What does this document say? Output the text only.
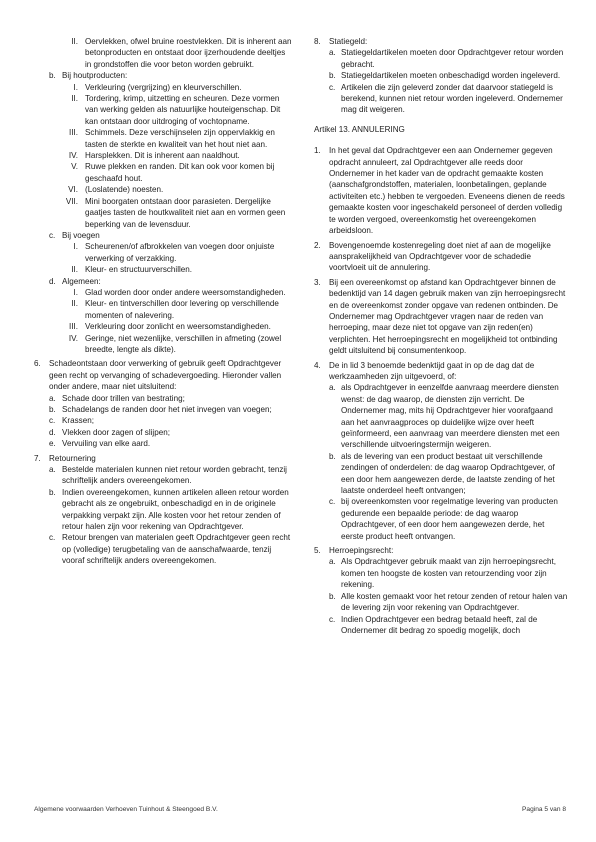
II. Oervlekken, ofwel bruine roestvlekken. Dit is inherent aan betonproducten en ontstaat door ijzerhoudende deeltjes in grondstoffen die voor beton worden gebruikt.
b. Bij houtproducten:
I. Verkleuring (vergrijzing) en kleurverschillen.
II. Tordering, krimp, uitzetting en scheuren. Deze vormen van werking gelden als natuurlijke houteigenschap. Dit kan ontstaan door uitdroging of vochtopname.
III. Schimmels. Deze verschijnselen zijn oppervlakkig en tasten de sterkte en kwaliteit van het hout niet aan.
IV. Harsplekken. Dit is inherent aan naaldhout.
V. Ruwe plekken en randen. Dit kan ook voor komen bij geschaafd hout.
VI. (Loslatende) noesten.
VII. Mini boorgaten ontstaan door parasieten. Dergelijke gaatjes tasten de houtkwaliteit niet aan en vormen geen beperking van de levensduur.
c. Bij voegen
I. Scheurenen/of afbrokkelen van voegen door onjuiste verwerking of verzakking.
II. Kleur- en structuurverschillen.
d. Algemeen:
I. Glad worden door onder andere weersomstandigheden.
II. Kleur- en tintverschillen door levering op verschillende momenten of nalevering.
III. Verkleuring door zonlicht en weersomstandigheden.
IV. Geringe, niet wezenlijke, verschillen in afmeting (zowel breedte, lengte als dikte).
6. Schadeontstaan door verwerking of gebruik geeft Opdrachtgever geen recht op vervanging of schadevergoeding. Hieronder vallen onder andere, maar niet uitsluitend:
a. Schade door trillen van bestrating;
b. Schadelangs de randen door het niet invegen van voegen;
c. Krassen;
d. Vlekken door zagen of slijpen;
e. Vervuiling van elke aard.
7. Retournering
a. Bestelde materialen kunnen niet retour worden gebracht, tenzij schriftelijk anders overeengekomen.
b. Indien overeengekomen, kunnen artikelen alleen retour worden gebracht als ze ongebruikt, onbeschadigd en in de originele verpakking verpakt zijn. Alle kosten voor het retour zenden of retour halen zijn voor rekening van Opdrachtgever.
c. Retour brengen van materialen geeft Opdrachtgever geen recht op (volledige) terugbetaling van de aanschafwaarde, tenzij vooraf schriftelijk anders overeengekomen.
8. Statiegeld:
a. Statiegeldartikelen moeten door Opdrachtgever retour worden gebracht.
b. Statiegeldartikelen moeten onbeschadigd worden ingeleverd.
c. Artikelen die zijn geleverd zonder dat daarvoor statiegeld is berekend, kunnen niet retour worden ingeleverd. Ondernemer mag dit weigeren.
Artikel 13. ANNULERING
1. In het geval dat Opdrachtgever een aan Ondernemer gegeven opdracht annuleert, zal Opdrachtgever alle reeds door Ondernemer in het kader van de opdracht gemaakte kosten (aanschafgrondstoffen, materialen, loonbetalingen, geplande activiteiten etc.) hebben te vergoeden. Eveneens dienen de reeds gemaakte kosten voor ingeschakeld personeel of derden volledig te worden vergoed, overeenkomstig het overeengekomen arbeidsloon.
2. Bovengenoemde kostenregeling doet niet af aan de mogelijke aansprakelijkheid van Opdrachtgever voor de schadedie voortvloeit uit de annulering.
3. Bij een overeenkomst op afstand kan Opdrachtgever binnen de bedenktijd van 14 dagen gebruik maken van zijn herroepingsrecht en de overeenkomst zonder opgave van redenen ontbinden. De Ondernemer mag Opdrachtgever vragen naar de reden van herroeping, maar deze niet tot opgave van zijn reden(en) verplichten. Het herroepingsrecht en mogelijkheid tot ontbinding geldt uitsluitend bij consumentenkoop.
4. De in lid 3 benoemde bedenktijd gaat in op de dag dat de werkzaamheden zijn uitgevoerd, of:
a. als Opdrachtgever in eenzelfde aanvraag meerdere diensten wenst: de dag waarop, de diensten zijn verricht. De Ondernemer mag, mits hij Opdrachtgever hier voorafgaand aan het aanvraagproces op duidelijke wijze over heeft geïnformeerd, een aanvraag van meerdere diensten met een verschillende uitvoeringstermijn weigeren.
b. als de levering van een product bestaat uit verschillende zendingen of onderdelen: de dag waarop Opdrachtgever, of een door hem aangewezen derde, de laatste zending of het laatste onderdeel heeft ontvangen;
c. bij overeenkomsten voor regelmatige levering van producten gedurende een bepaalde periode: de dag waarop Opdrachtgever, of een door hem aangewezen derde, het eerste product heeft ontvangen.
5. Herroepingsrecht:
a. Als Opdrachtgever gebruik maakt van zijn herroepingsrecht, komen ten hoogste de kosten van retourzending voor zijn rekening.
b. Alle kosten gemaakt voor het retour zenden of retour halen van de levering zijn voor rekening van Opdrachtgever.
c. Indien Opdrachtgever een bedrag betaald heeft, zal de Ondernemer dit bedrag zo spoedig mogelijk, doch
Algemene voorwaarden Verhoeven Tuinhout & Steengoed B.V.	Pagina 5 van 8
